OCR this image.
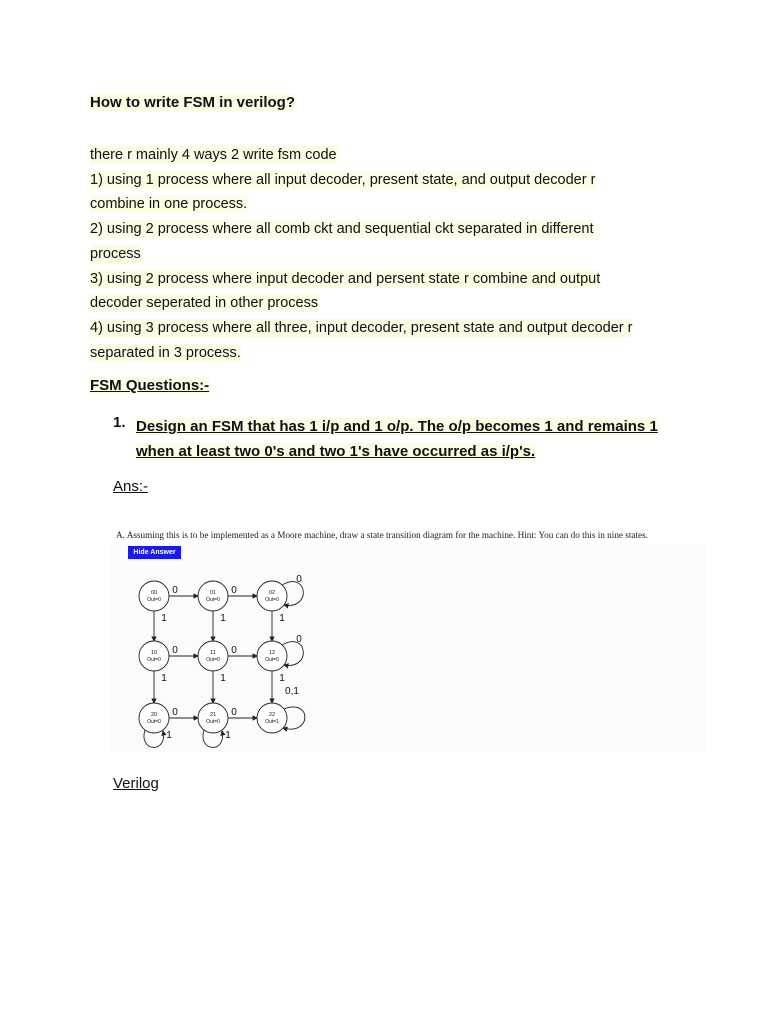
How to write FSM in verilog?
there r mainly 4 ways 2 write fsm code
1) using 1 process where all input decoder, present state, and output decoder r
combine in one process.
2) using 2 process where all comb ckt and sequential ckt separated in different
process
3) using 2 process where input decoder and persent state r combine and output
decoder seperated in other process
4) using 3 process where all three, input decoder, present state and output decoder r
separated in 3 process.
FSM Questions:-
1. Design an FSM that has 1 i/p and 1 o/p. The o/p becomes 1 and remains 1
when at least two 0's and two 1's have occurred as i/p's.
Ans:-
A. Assuming this is to be implemented as a Moore machine, draw a state transition diagram for the machine. Hint: You can do this in nine states.
Hide Answer
0	0
0	0
0	0
1
1
1
1
1
1
0,1
0
0
1	1
00
Out=0
01
Out=0
02
Out=0
10
Out=0
11
Out=0
12
Out=0
20
Out=0
21
Out=0
22
Out=1
Verilog
